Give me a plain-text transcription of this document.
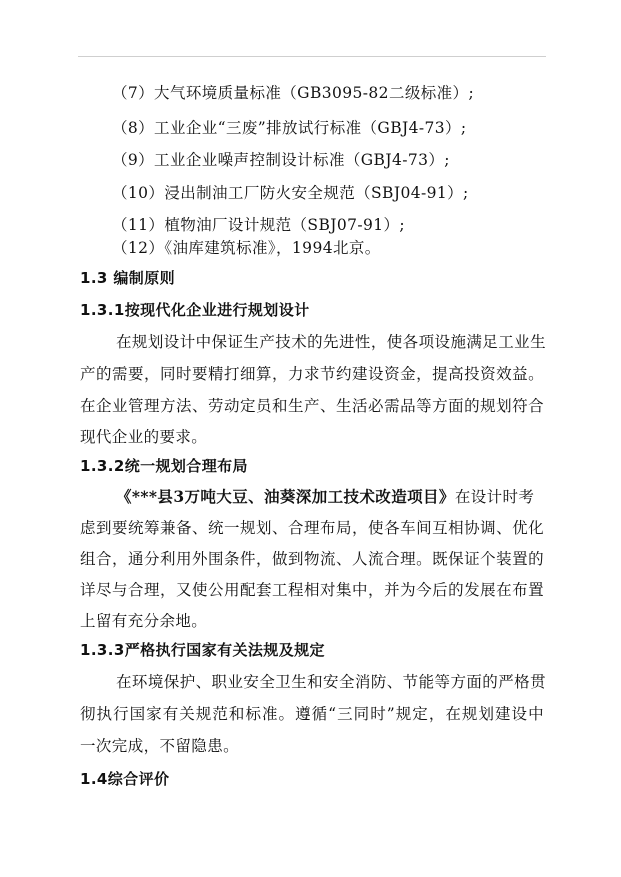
（7）大气环境质量标准（GB3095-82二级标准）;
（8）工业企业“三废”排放试行标准（GBJ4-73）;
（9）工业企业噪声控制设计标准（GBJ4-73）;
（10）浸出制油工厂防火安全规范（SBJ04-91）;
（11）植物油厂设计规范（SBJ07-91）;
（12）《油库建筑标准》，1994北京。
1.3 编制原则
1.3.1按现代化企业进行规划设计
在规划设计中保证生产技术的先进性，使各项设施满足工业生
产的需要，同时要精打细算，力求节约建设资金，提高投资效益。
在企业管理方法、劳动定员和生产、生活必需品等方面的规划符合
现代企业的要求。
1.3.2统一规划合理布局
《***县3万吨大豆、油葵深加工技术改造项目》在设计时考
虑到要统筹兼备、统一规划、合理布局，使各车间互相协调、优化
组合，通分利用外围条件，做到物流、人流合理。既保证个装置的
详尽与合理，又使公用配套工程相对集中，并为今后的发展在布置
上留有充分余地。
1.3.3严格执行国家有关法规及规定
在环境保护、职业安全卫生和安全消防、节能等方面的严格贯
彻执行国家有关规范和标准。遵循“三同时”规定，在规划建设中
一次完成，不留隐患。
1.4综合评价
